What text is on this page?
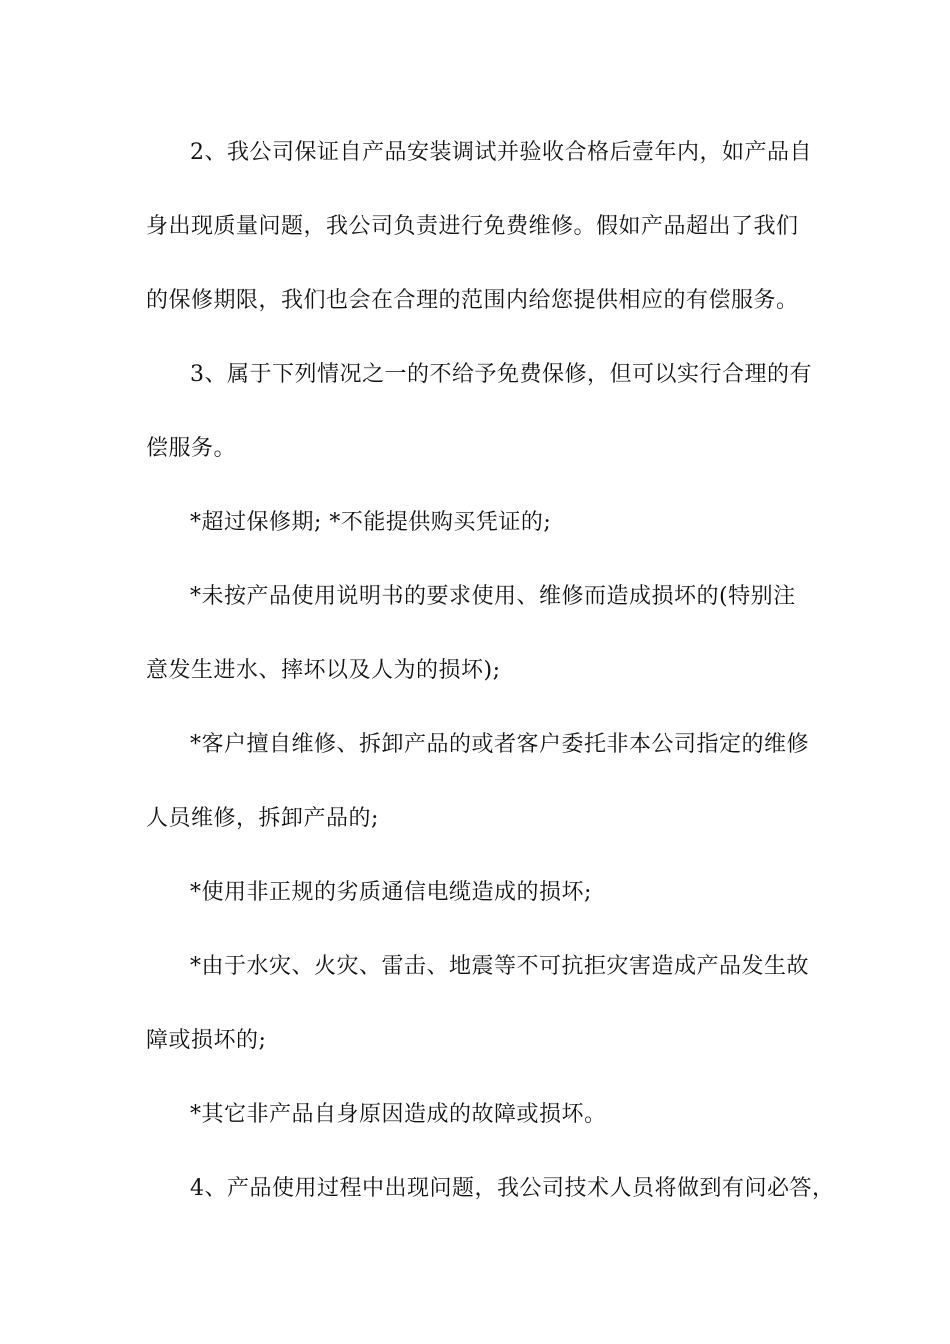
2、我公司保证自产品安装调试并验收合格后壹年内，如产品自
身出现质量问题，我公司负责进行免费维修。假如产品超出了我们
的保修期限，我们也会在合理的范围内给您提供相应的有偿服务。
3、属于下列情况之一的不给予免费保修，但可以实行合理的有
偿服务。
*超过保修期; *不能提供购买凭证的;
*未按产品使用说明书的要求使用、维修而造成损坏的(特别注
意发生进水、摔坏以及人为的损坏);
*客户擅自维修、拆卸产品的或者客户委托非本公司指定的维修
人员维修，拆卸产品的;
*使用非正规的劣质通信电缆造成的损坏;
*由于水灾、火灾、雷击、地震等不可抗拒灾害造成产品发生故
障或损坏的;
*其它非产品自身原因造成的故障或损坏。
4、产品使用过程中出现问题，我公司技术人员将做到有问必答，
